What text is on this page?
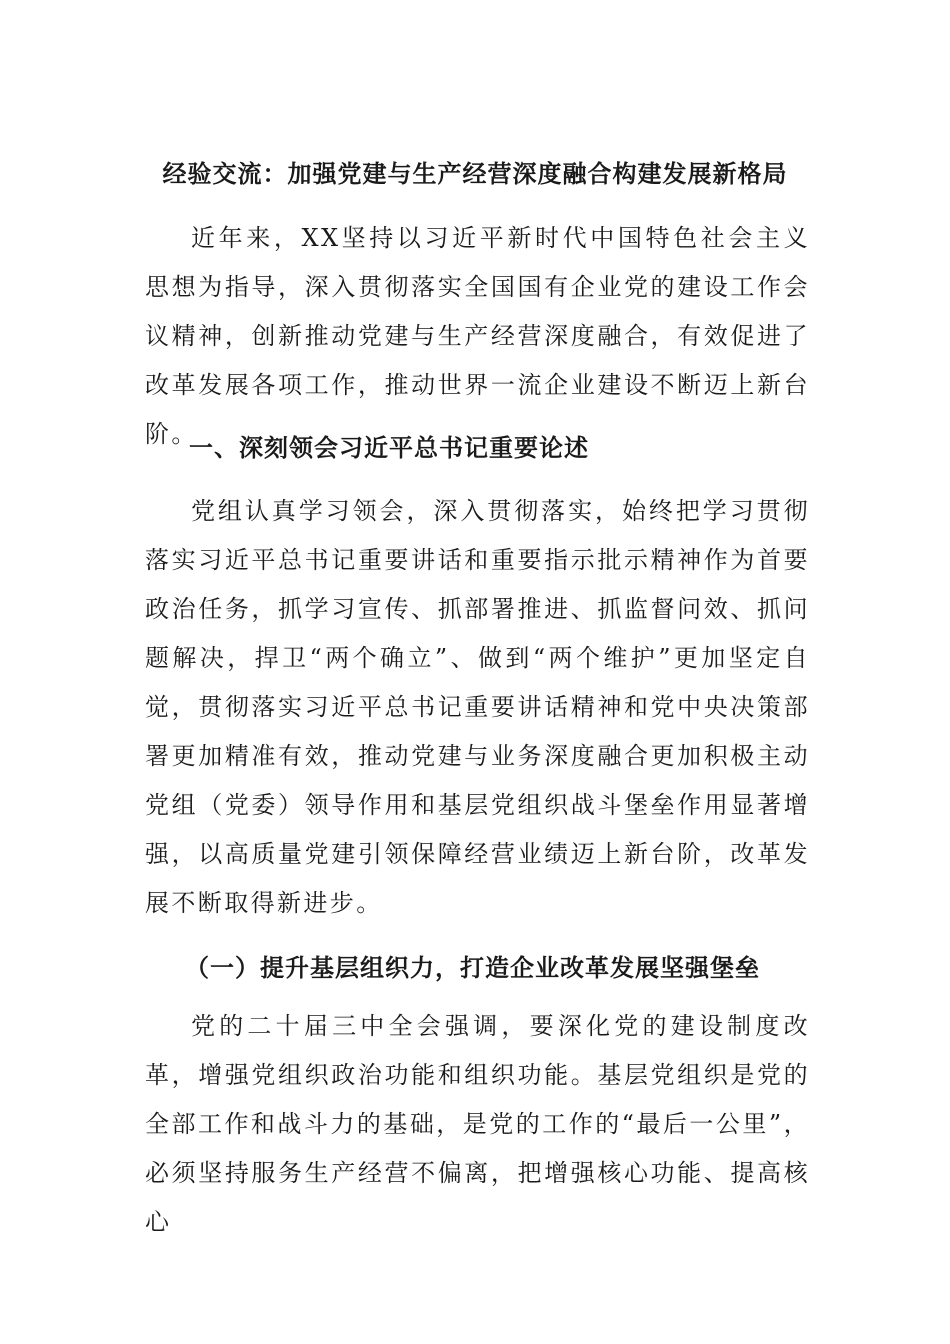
经验交流：加强党建与生产经营深度融合构建发展新格局

近年来，XX坚持以习近平新时代中国特色社会主义思想为指导，深入贯彻落实全国国有企业党的建设工作会议精神，创新推动党建与生产经营深度融合，有效促进了改革发展各项工作，推动世界一流企业建设不断迈上新台阶。

一、深刻领会习近平总书记重要论述

党组认真学习领会，深入贯彻落实，始终把学习贯彻落实习近平总书记重要讲话和重要指示批示精神作为首要政治任务，抓学习宣传、抓部署推进、抓监督问效、抓问题解决，捍卫“两个确立”、做到“两个维护”更加坚定自觉，贯彻落实习近平总书记重要讲话精神和党中央决策部署更加精准有效，推动党建与业务深度融合更加积极主动党组（党委）领导作用和基层党组织战斗堡垒作用显著增强，以高质量党建引领保障经营业绩迈上新台阶，改革发展不断取得新进步。

（一）提升基层组织力，打造企业改革发展坚强堡垒

党的二十届三中全会强调，要深化党的建设制度改革，增强党组织政治功能和组织功能。基层党组织是党的全部工作和战斗力的基础，是党的工作的“最后一公里”，必须坚持服务生产经营不偏离，把增强核心功能、提高核心
